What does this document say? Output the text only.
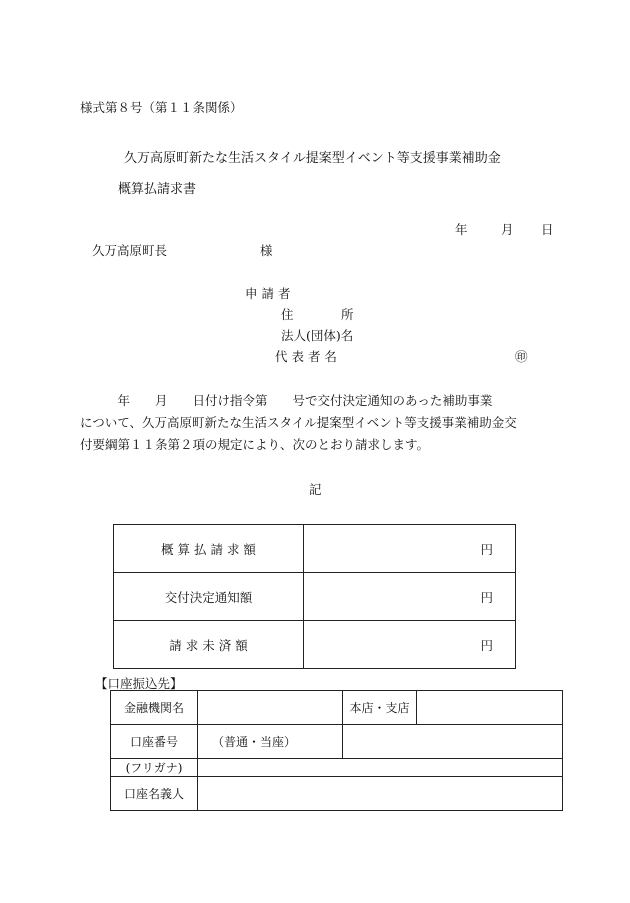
様式第８号（第１１条関係）
久万高原町新たな生活スタイル提案型イベント等支援事業補助金
概算払請求書
年	月 日
久万高原町長	様
申 請 者
住	所
法人(団体)名
代 表 者 名	㊞
　　　年　　月　　日付け指令第　　号で交付決定通知のあった補助事業
について、久万高原町新たな生活スタイル提案型イベント等支援事業補助金交
付要綱第１１条第２項の規定により、次のとおり請求します。
記
概 算 払 請 求 額	円
交付決定通知額	円
請 求 未 済 額	円
【口座振込先】
金融機関名		本店・支店	
口座番号	（普通・当座）		
(フリガナ)			
口座名義人			
